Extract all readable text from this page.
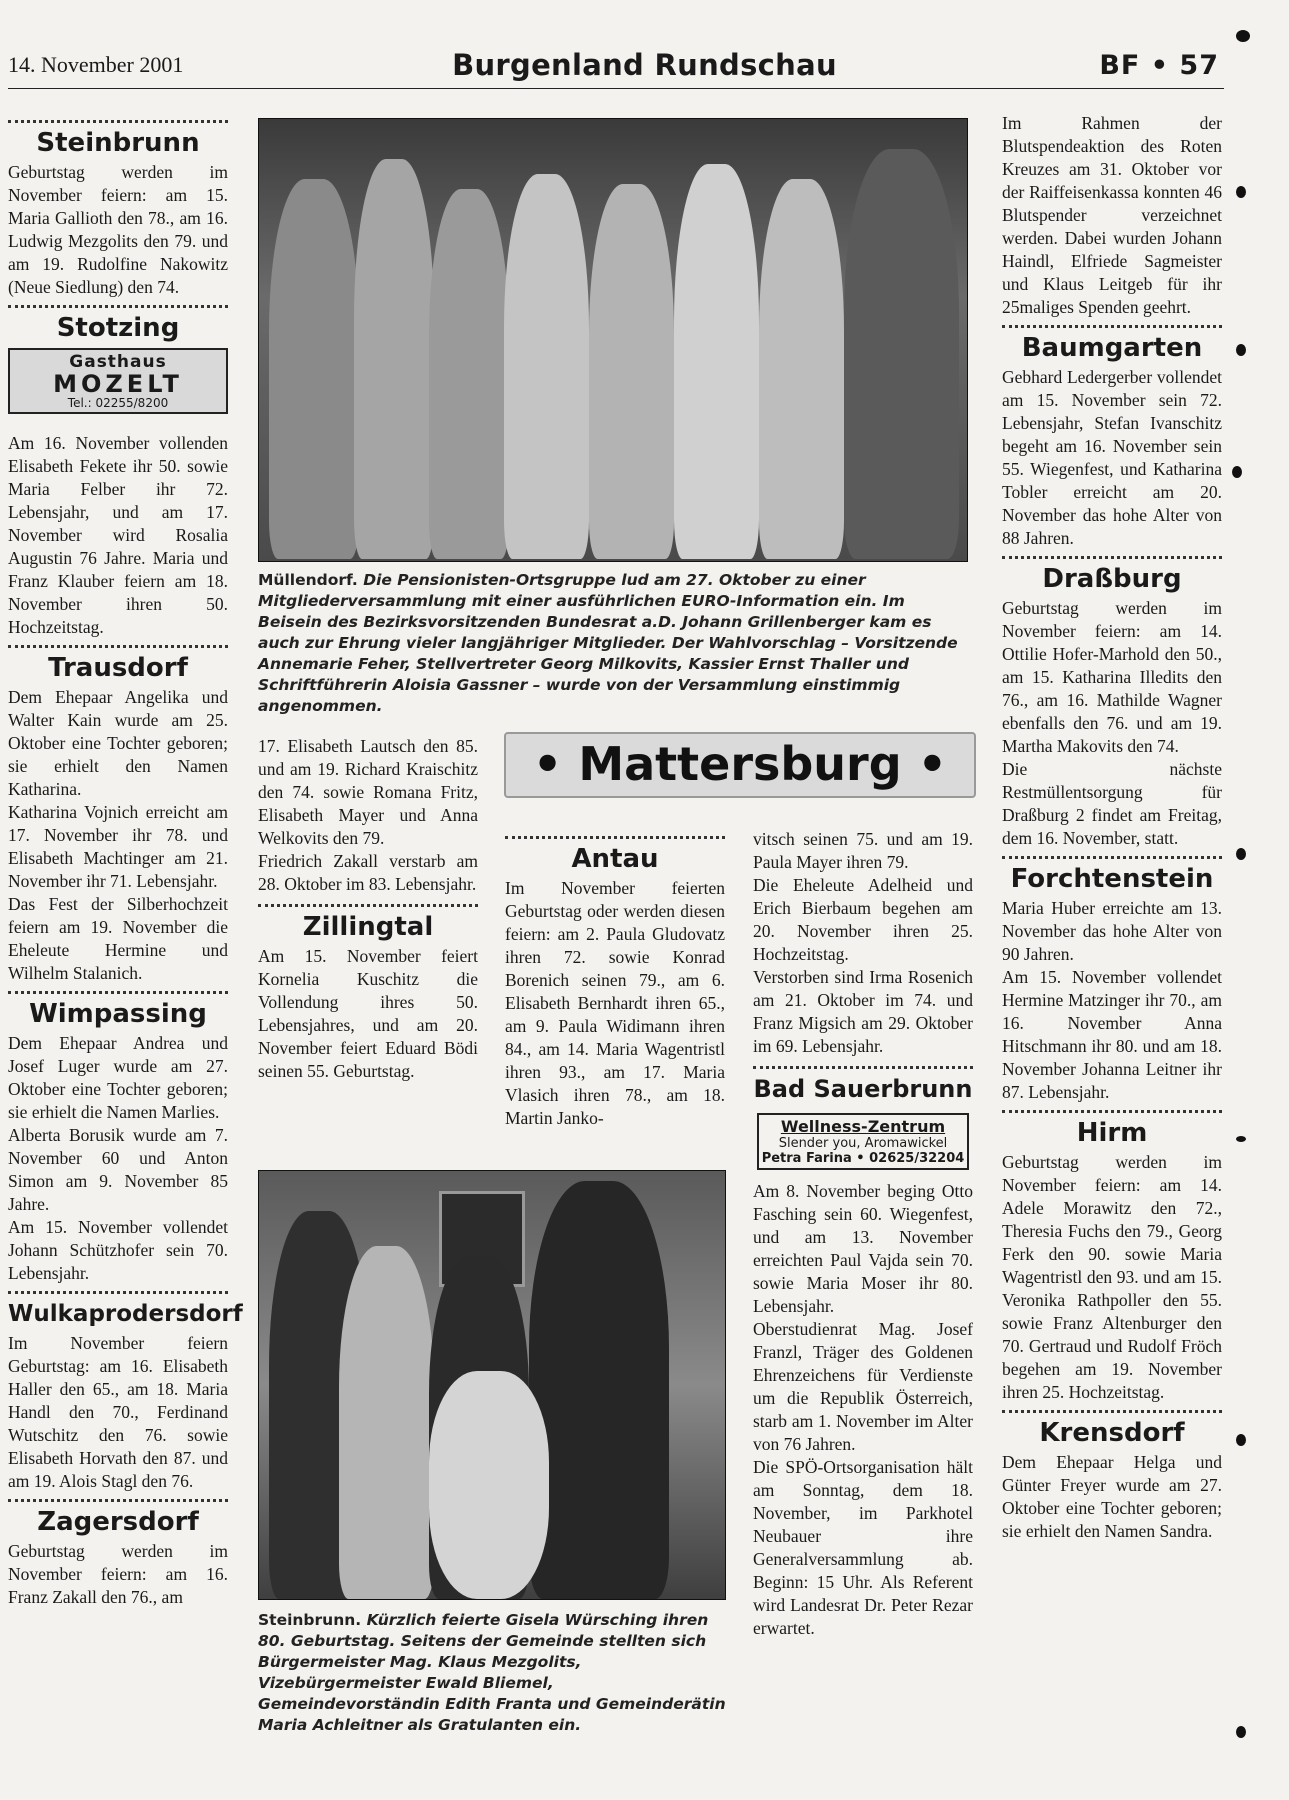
14. November 2001	Burgenland Rundschau	BF • 57
Steinbrunn

Geburtstag werden im November feiern: am 15. Maria Gallioth den 78., am 16. Ludwig Mezgolits den 79. und am 19. Rudolfine Nakowitz (Neue Siedlung) den 74.

Stotzing
Gasthaus
MOZELT
Tel.: 02255/8200

Am 16. November vollenden Elisabeth Fekete ihr 50. sowie Maria Felber ihr 72. Lebensjahr, und am 17. November wird Rosalia Augustin 76 Jahre. Maria und Franz Klauber feiern am 18. November ihren 50. Hochzeitstag.

Trausdorf

Dem Ehepaar Angelika und Walter Kain wurde am 25. Oktober eine Tochter geboren; sie erhielt den Namen Katharina.

Katharina Vojnich erreicht am 17. November ihr 78. und Elisabeth Machtinger am 21. November ihr 71. Lebensjahr.

Das Fest der Silberhochzeit feiern am 19. November die Eheleute Hermine und Wilhelm Stalanich.

Wimpassing

Dem Ehepaar Andrea und Josef Luger wurde am 27. Oktober eine Tochter geboren; sie erhielt die Namen Marlies.

Alberta Borusik wurde am 7. November 60 und Anton Simon am 9. November 85 Jahre.

Am 15. November vollendet Johann Schützhofer sein 70. Lebensjahr.

Wulkaprodersdorf

Im November feiern Geburtstag: am 16. Elisabeth Haller den 65., am 18. Maria Handl den 70., Ferdinand Wutschitz den 76. sowie Elisabeth Horvath den 87. und am 19. Alois Stagl den 76.

Zagersdorf

Geburtstag werden im November feiern: am 16. Franz Zakall den 76., am

Müllendorf. Die Pensionisten-Ortsgruppe lud am 27. Oktober zu einer Mitgliederversammlung mit einer ausführlichen EURO-Information ein. Im Beisein des Bezirksvorsitzenden Bundesrat a.D. Johann Grillenberger kam es auch zur Ehrung vieler langjähriger Mitglieder. Der Wahlvorschlag – Vorsitzende Annemarie Feher, Stellvertreter Georg Milkovits, Kassier Ernst Thaller und Schriftführerin Aloisia Gassner – wurde von der Versammlung einstimmig angenommen.
• Mattersburg •

17. Elisabeth Lautsch den 85. und am 19. Richard Kraischitz den 74. sowie Romana Fritz, Elisabeth Mayer und Anna Welkovits den 79.

Friedrich Zakall verstarb am 28. Oktober im 83. Lebensjahr.

Zillingtal

Am 15. November feiert Kornelia Kuschitz die Vollendung ihres 50. Lebensjahres, und am 20. November feiert Eduard Bödi seinen 55. Geburtstag.

Antau

Im November feierten Geburtstag oder werden diesen feiern: am 2. Paula Gludovatz ihren 72. sowie Konrad Borenich seinen 79., am 6. Elisabeth Bernhardt ihren 65., am 9. Paula Widimann ihren 84., am 14. Maria Wagentristl ihren 93., am 17. Maria Vlasich ihren 78., am 18. Martin Janko-

vitsch seinen 75. und am 19. Paula Mayer ihren 79.

Die Eheleute Adelheid und Erich Bierbaum begehen am 20. November ihren 25. Hochzeitstag.

Verstorben sind Irma Rosenich am 21. Oktober im 74. und Franz Migsich am 29. Oktober im 69. Lebensjahr.

Bad Sauerbrunn
Wellness-Zentrum
Slender you, Aromawickel
Petra Farina • 02625/32204

Am 8. November beging Otto Fasching sein 60. Wiegenfest, und am 13. November erreichten Paul Vajda sein 70. sowie Maria Moser ihr 80. Lebensjahr.

Oberstudienrat Mag. Josef Franzl, Träger des Goldenen Ehrenzeichens für Verdienste um die Republik Österreich, starb am 1. November im Alter von 76 Jahren.

Die SPÖ-Ortsorganisation hält am Sonntag, dem 18. November, im Parkhotel Neubauer ihre Generalversammlung ab. Beginn: 15 Uhr. Als Referent wird Landesrat Dr. Peter Rezar erwartet.

Steinbrunn. Kürzlich feierte Gisela Würsching ihren 80. Geburtstag. Seitens der Gemeinde stellten sich Bürgermeister Mag. Klaus Mezgolits, Vizebürgermeister Ewald Bliemel, Gemeindevorständin Edith Franta und Gemeinderätin Maria Achleitner als Gratulanten ein.

Im Rahmen der Blutspendeaktion des Roten Kreuzes am 31. Oktober vor der Raiffeisenkassa konnten 46 Blutspender verzeichnet werden. Dabei wurden Johann Haindl, Elfriede Sagmeister und Klaus Leitgeb für ihr 25maliges Spenden geehrt.

Baumgarten

Gebhard Ledergerber vollendet am 15. November sein 72. Lebensjahr, Stefan Ivanschitz begeht am 16. November sein 55. Wiegenfest, und Katharina Tobler erreicht am 20. November das hohe Alter von 88 Jahren.

Draßburg

Geburtstag werden im November feiern: am 14. Ottilie Hofer-Marhold den 50., am 15. Katharina Illedits den 76., am 16. Mathilde Wagner ebenfalls den 76. und am 19. Martha Makovits den 74.

Die nächste Restmüllentsorgung für Draßburg 2 findet am Freitag, dem 16. November, statt.

Forchtenstein

Maria Huber erreichte am 13. November das hohe Alter von 90 Jahren.

Am 15. November vollendet Hermine Matzinger ihr 70., am 16. November Anna Hitschmann ihr 80. und am 18. November Johanna Leitner ihr 87. Lebensjahr.

Hirm

Geburtstag werden im November feiern: am 14. Adele Morawitz den 72., Theresia Fuchs den 79., Georg Ferk den 90. sowie Maria Wagentristl den 93. und am 15. Veronika Rathpoller den 55. sowie Franz Altenburger den 70. Gertraud und Rudolf Fröch begehen am 19. November ihren 25. Hochzeitstag.

Krensdorf

Dem Ehepaar Helga und Günter Freyer wurde am 27. Oktober eine Tochter geboren; sie erhielt den Namen Sandra.
